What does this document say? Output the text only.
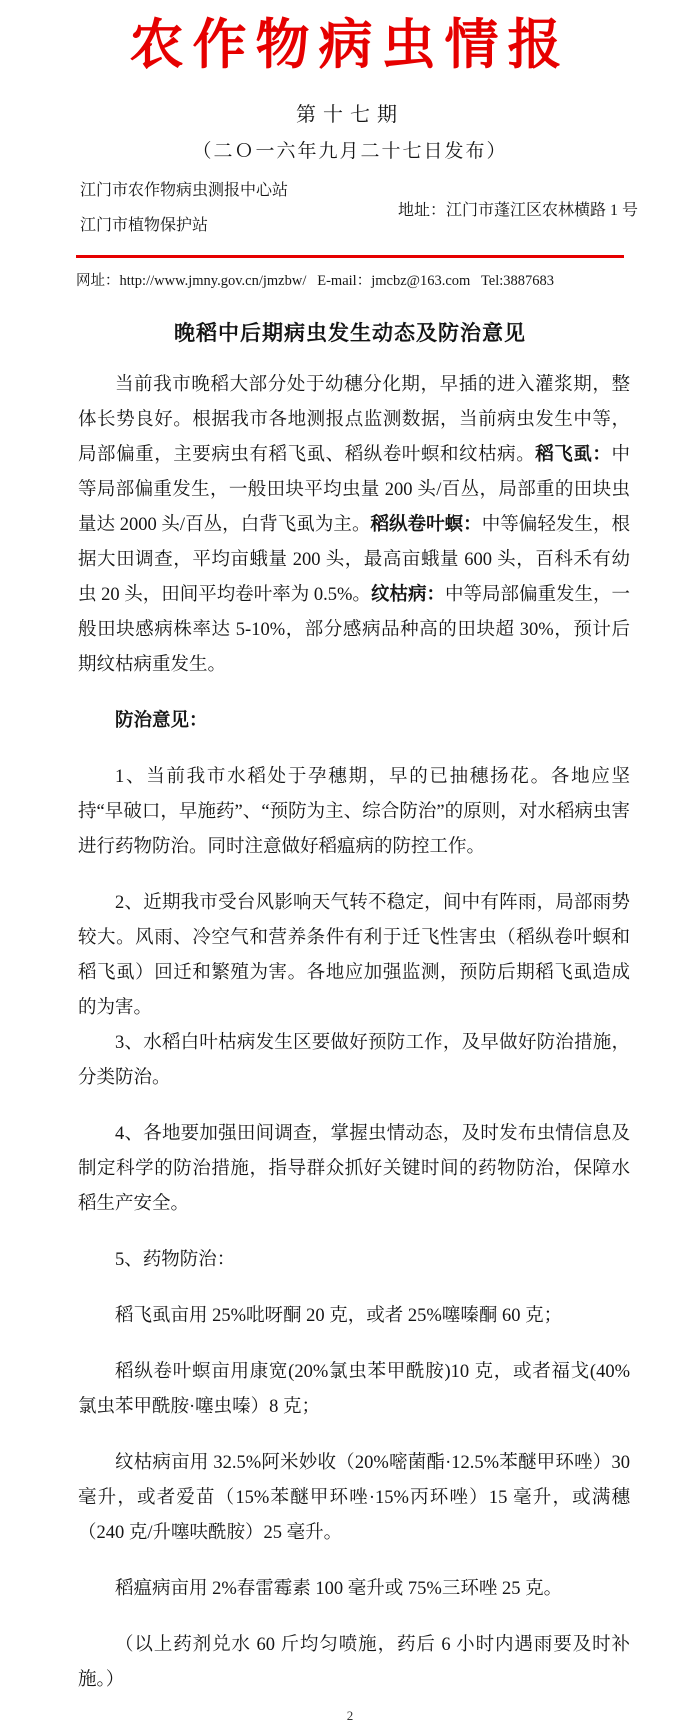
农作物病虫情报
第十七期
（二Ｏ一六年九月二十七日发布）
江门市农作物病虫测报中心站
江门市植物保护站
地址：江门市蓬江区农林横路 1 号
网址：http://www.jmny.gov.cn/jmzbw/   E-mail：jmcbz@163.com   Tel:3887683
晚稻中后期病虫发生动态及防治意见

当前我市晚稻大部分处于幼穗分化期，早插的进入灌浆期，整体长势良好。根据我市各地测报点监测数据，当前病虫发生中等，局部偏重，主要病虫有稻飞虱、稻纵卷叶螟和纹枯病。稻飞虱：中等局部偏重发生，一般田块平均虫量 200 头/百丛，局部重的田块虫量达 2000 头/百丛，白背飞虱为主。稻纵卷叶螟：中等偏轻发生，根据大田调查，平均亩蛾量 200 头，最高亩蛾量 600 头，百科禾有幼虫 20 头，田间平均卷叶率为 0.5%。纹枯病：中等局部偏重发生，一般田块感病株率达 5-10%，部分感病品种高的田块超 30%，预计后期纹枯病重发生。

防治意见：

1、当前我市水稻处于孕穗期，早的已抽穗扬花。各地应坚持“早破口，早施药”、“预防为主、综合防治”的原则，对水稻病虫害进行药物防治。同时注意做好稻瘟病的防控工作。

2、近期我市受台风影响天气转不稳定，间中有阵雨，局部雨势较大。风雨、冷空气和营养条件有利于迁飞性害虫（稻纵卷叶螟和稻飞虱）回迁和繁殖为害。各地应加强监测，预防后期稻飞虱造成的为害。

3、水稻白叶枯病发生区要做好预防工作，及早做好防治措施，分类防治。

4、各地要加强田间调查，掌握虫情动态，及时发布虫情信息及制定科学的防治措施，指导群众抓好关键时间的药物防治，保障水稻生产安全。

5、药物防治：

稻飞虱亩用 25%吡呀酮 20 克，或者 25%噻嗪酮 60 克；

稻纵卷叶螟亩用康宽(20%氯虫苯甲酰胺)10 克，或者福戈(40%氯虫苯甲酰胺·噻虫嗪）8 克；

纹枯病亩用 32.5%阿米妙收（20%嘧菌酯·12.5%苯醚甲环唑）30 毫升，或者爱苗（15%苯醚甲环唑·15%丙环唑）15 毫升，或满穗（240 克/升噻呋酰胺）25 毫升。

稻瘟病亩用 2%春雷霉素 100 毫升或 75%三环唑 25 克。

（以上药剂兑水 60 斤均匀喷施，药后 6 小时内遇雨要及时补施。）

2
